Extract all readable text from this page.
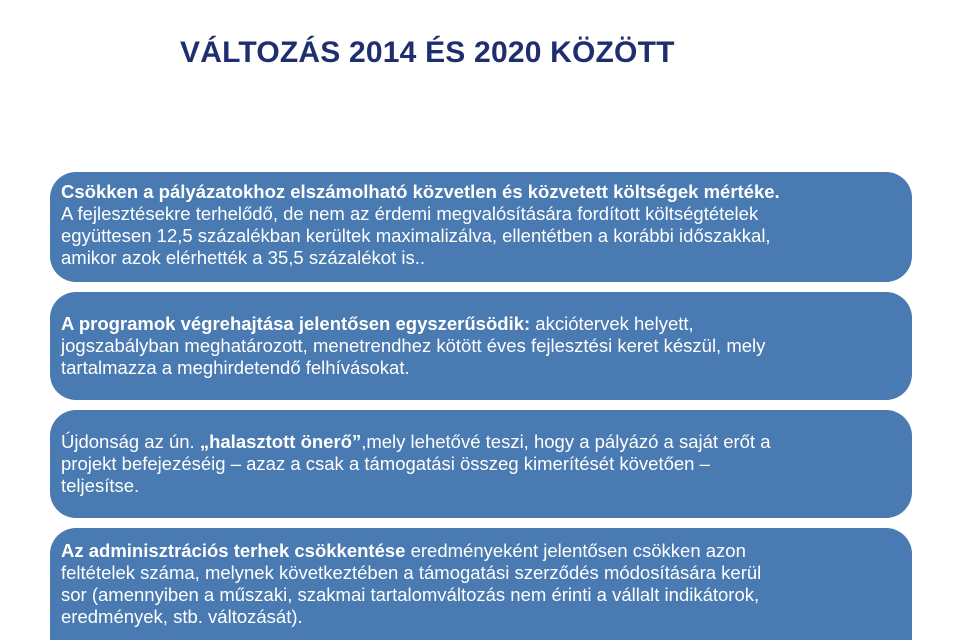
VÁLTOZÁS 2014 ÉS 2020 KÖZÖTT
Csökken a pályázatokhoz elszámolható közvetlen és közvetett költségek mértéke.
A fejlesztésekre terhelődő, de nem az érdemi megvalósítására fordított költségtételek
együttesen 12,5 százalékban kerültek maximalizálva, ellentétben a korábbi időszakkal,
amikor azok elérhették a 35,5 százalékot is..
A programok végrehajtása jelentősen egyszerűsödik: akciótervek helyett,
jogszabályban meghatározott, menetrendhez kötött éves fejlesztési keret készül, mely
tartalmazza a meghirdetendő felhívásokat.
Újdonság az ún. „halasztott önerő”,mely lehetővé teszi, hogy a pályázó a saját erőt a
projekt befejezéséig – azaz a csak a támogatási összeg kimerítését követően –
teljesítse.
Az adminisztrációs terhek csökkentése eredményeként jelentősen csökken azon
feltételek száma, melynek következtében a támogatási szerződés módosítására kerül
sor (amennyiben a műszaki, szakmai tartalomváltozás nem érinti a vállalt indikátorok,
eredmények, stb. változását).
